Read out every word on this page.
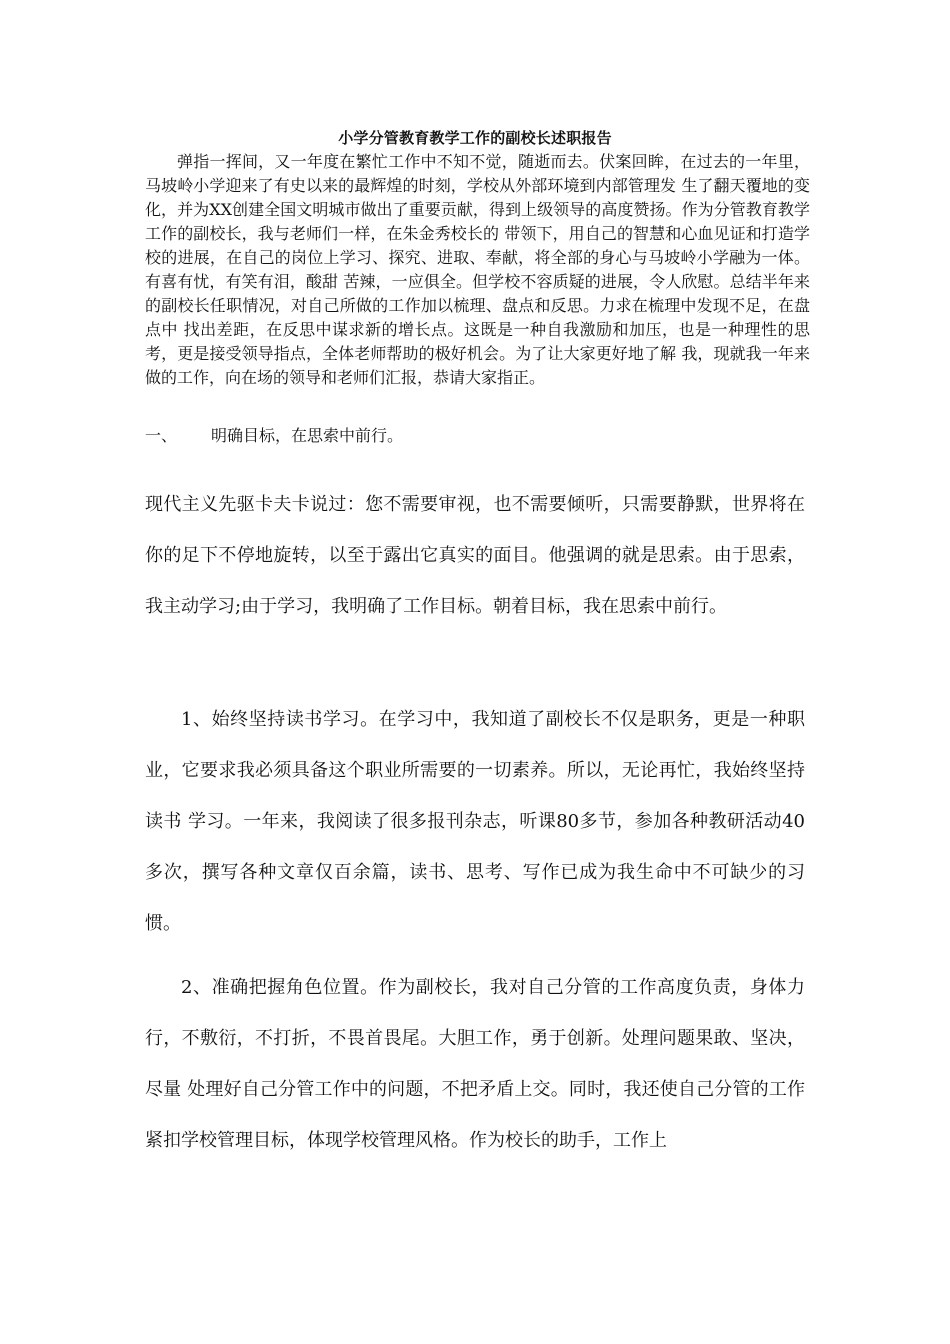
小学分管教育教学工作的副校长述职报告

弹指一挥间，又一年度在繁忙工作中不知不觉，随逝而去。伏案回眸，在过去的一年里，马坡岭小学迎来了有史以来的最辉煌的时刻，学校从外部环境到内部管理发 生了翻天覆地的变化，并为XX创建全国文明城市做出了重要贡献，得到上级领导的高度赞扬。作为分管教育教学工作的副校长，我与老师们一样，在朱金秀校长的 带领下，用自己的智慧和心血见证和打造学校的进展，在自己的岗位上学习、探究、进取、奉献，将全部的身心与马坡岭小学融为一体。有喜有忧，有笑有泪，酸甜 苦辣，一应俱全。但学校不容质疑的进展，令人欣慰。总结半年来的副校长任职情况，对自己所做的工作加以梳理、盘点和反思。力求在梳理中发现不足，在盘点中 找出差距，在反思中谋求新的增长点。这既是一种自我激励和加压，也是一种理性的思考，更是接受领导指点，全体老师帮助的极好机会。为了让大家更好地了解 我，现就我一年来做的工作，向在场的领导和老师们汇报，恭请大家指正。

一、 明确目标，在思索中前行。

现代主义先驱卡夫卡说过：您不需要审视，也不需要倾听，只需要静默，世界将在你的足下不停地旋转，以至于露出它真实的面目。他强调的就是思索。由于思索，我主动学习;由于学习，我明确了工作目标。朝着目标，我在思索中前行。

1、始终坚持读书学习。在学习中，我知道了副校长不仅是职务，更是一种职业，它要求我必须具备这个职业所需要的一切素养。所以，无论再忙，我始终坚持读书 学习。一年来，我阅读了很多报刊杂志，听课80多节，参加各种教研活动40多次，撰写各种文章仅百余篇，读书、思考、写作已成为我生命中不可缺少的习惯。

2、准确把握角色位置。作为副校长，我对自己分管的工作高度负责，身体力行，不敷衍，不打折，不畏首畏尾。大胆工作，勇于创新。处理问题果敢、坚决，尽量 处理好自己分管工作中的问题，不把矛盾上交。同时，我还使自己分管的工作紧扣学校管理目标，体现学校管理风格。作为校长的助手，工作上
